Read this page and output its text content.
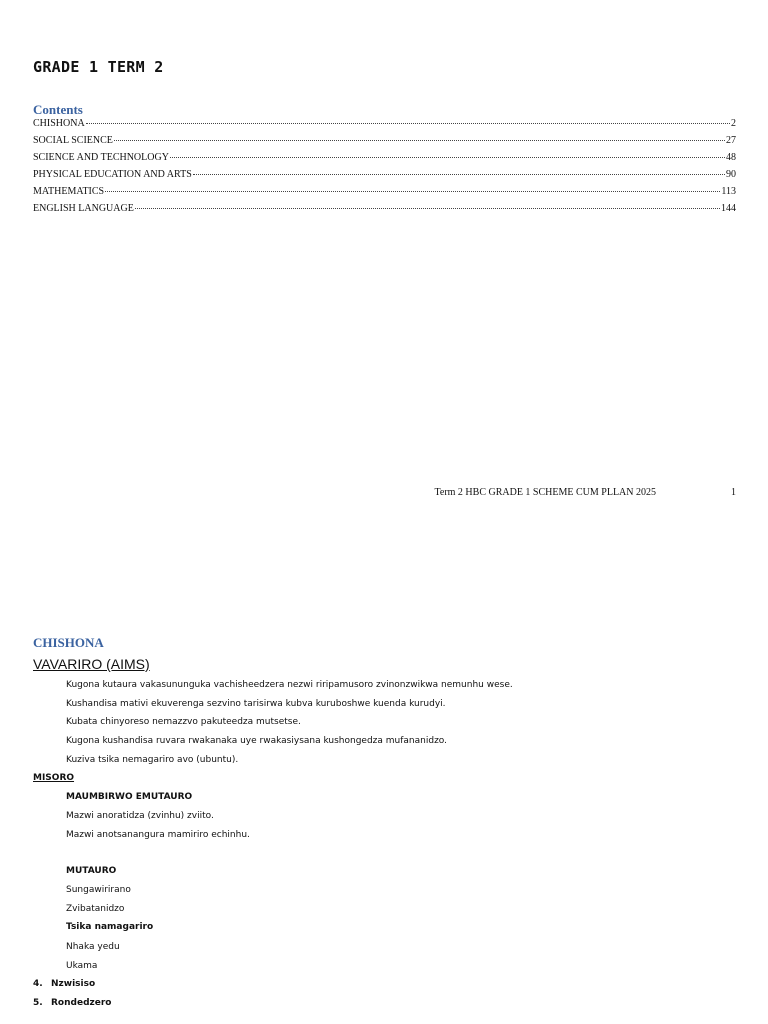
GRADE 1 TERM 2
Contents
CHISHONA	2
SOCIAL SCIENCE	27
SCIENCE AND TECHNOLOGY	48
PHYSICAL EDUCATION AND ARTS	90
MATHEMATICS	113
ENGLISH LANGUAGE	144
Term 2 HBC GRADE 1 SCHEME CUM PLLAN 2025	1
CHISHONA
VAVARIRO (AIMS)
Kugona kutaura vakasununguka vachisheedzera nezwi riripamusoro zvinonzwikwa nemunhu wese.
Kushandisa mativi ekuverenga sezvino tarisirwa kubva kuruboshwe kuenda kurudyi.
Kubata chinyoreso nemazzvo pakuteedza mutsetse.
Kugona kushandisa ruvara rwakanaka uye rwakasiysana kushongedza mufananidzo.
Kuziva tsika nemagariro avo (ubuntu).
MISORO
MAUMBIRWO EMUTAURO
Mazwi anoratidza (zvinhu) zviito.
Mazwi anotsanangura mamiriro echinhu.
MUTAURO
Sungawirirano
Zvibatanidzo
Tsika namagariro
Nhaka yedu
Ukama
4. Nzwisiso
5. Rondedzero
